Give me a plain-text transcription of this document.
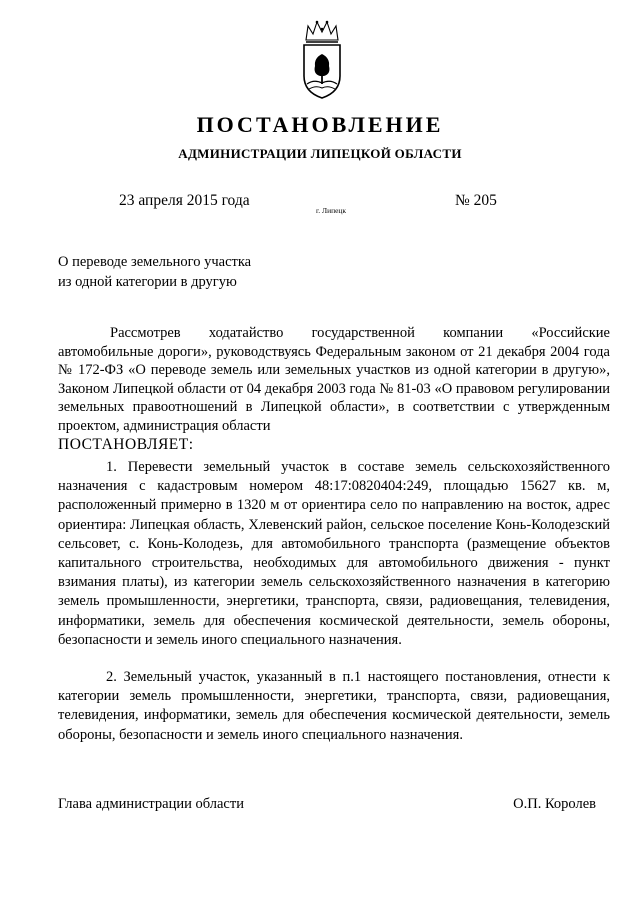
ПОСТАНОВЛЕНИЕ
АДМИНИСТРАЦИИ ЛИПЕЦКОЙ ОБЛАСТИ
23 апреля 2015 года
г. Липецк
№ 205
О переводе земельного участка
из одной категории в другую
Рассмотрев ходатайство государственной компании «Российские автомобильные дороги», руководствуясь Федеральным законом от 21 декабря 2004 года № 172-ФЗ «О переводе земель или земельных участков из одной категории в другую», Законом Липецкой области от 04 декабря 2003 года № 81-03 «О правовом регулировании земельных правоотношений в Липецкой области», в соответствии с утвержденным проектом, администрация области
ПОСТАНОВЛЯЕТ:
1. Перевести земельный участок в составе земель сельскохозяйственного назначения с кадастровым номером 48:17:0820404:249, площадью 15627 кв. м, расположенный примерно в 1320 м от ориентира село по направлению на восток, адрес ориентира: Липецкая область, Хлевенский район, сельское поселение Конь-Колодезский сельсовет, с. Конь-Колодезь, для автомобильного транспорта (размещение объектов капитального строительства, необходимых для автомобильного движения - пункт взимания платы), из категории земель сельскохозяйственного назначения в категорию земель промышленности, энергетики, транспорта, связи, радиовещания, телевидения, информатики, земель для обеспечения космической деятельности, земель обороны, безопасности и земель иного специального назначения.
2. Земельный участок, указанный в п.1 настоящего постановления, отнести к категории земель промышленности, энергетики, транспорта, связи, радиовещания, телевидения, информатики, земель для обеспечения космической деятельности, земель обороны, безопасности и земель иного специального назначения.
Глава администрации области	О.П. Королев
